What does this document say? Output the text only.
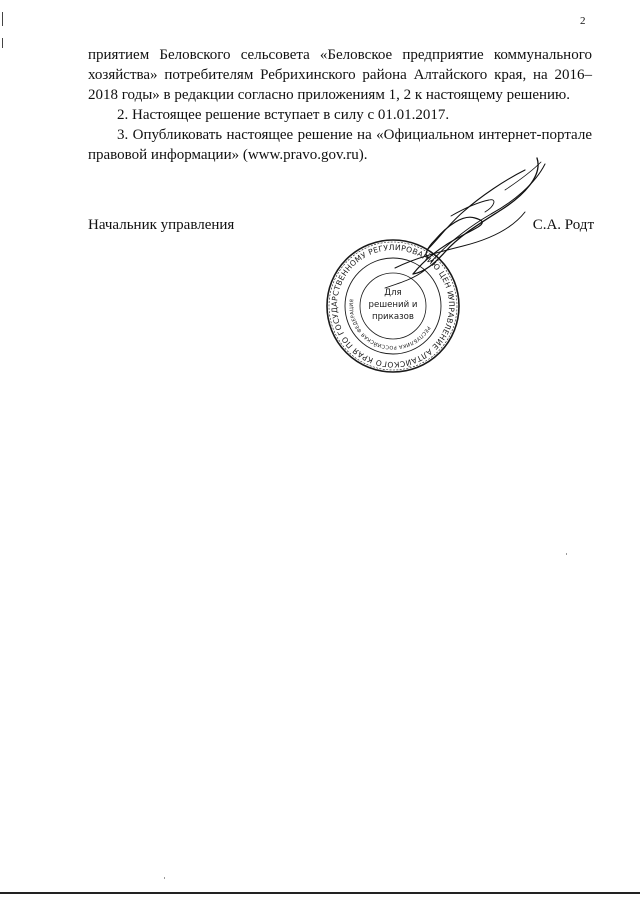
2

приятием Беловского сельсовета «Беловское предприятие коммунального хозяйства» потребителям Ребрихинского района Алтайского края, на 2016–2018 годы» в редакции согласно приложениям 1, 2 к настоящему решению.

2. Настоящее решение вступает в силу с 01.01.2017.

3. Опубликовать настоящее решение на «Официальном интернет-портале правовой информации» (www.pravo.gov.ru).

Начальник управления	С.А. Родт
УПРАВЛЕНИЕ АЛТАЙСКОГО КРАЯ ПО ГОСУДАРСТВЕННОМУ РЕГУЛИРОВАНИЮ ЦЕН И
РЕСПУБЛИКА РОССИЙСКАЯ ФЕДЕРАЦИЯ
Для
решений и
приказов
